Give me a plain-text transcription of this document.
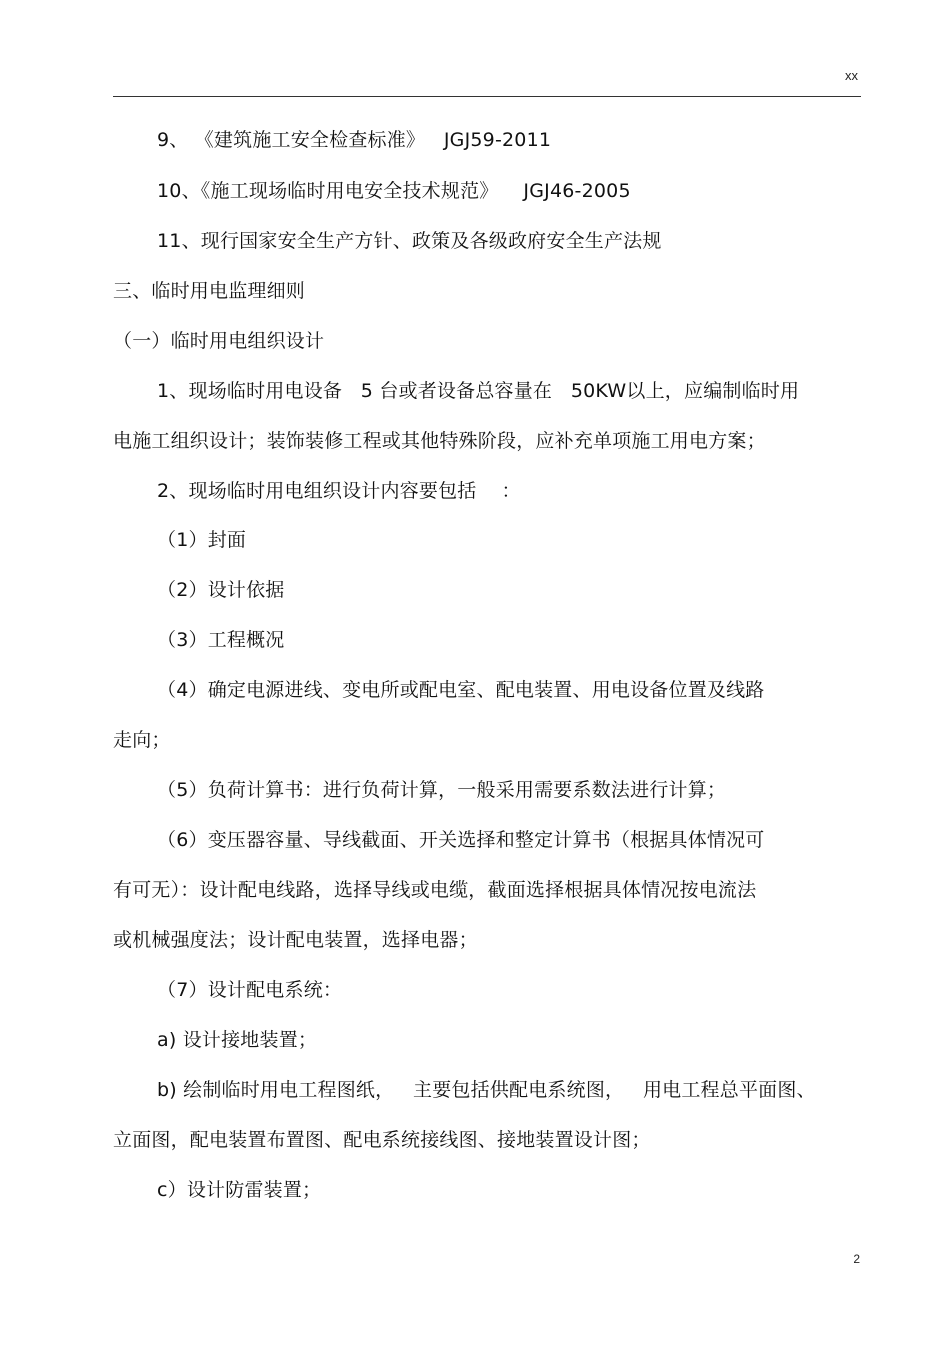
xx
9、 《建筑施工安全检查标准》   JGJ59-2011
10、《施工现场临时用电安全技术规范》    JGJ46-2005
11、现行国家安全生产方针、政策及各级政府安全生产法规
三、临时用电监理细则
（一）临时用电组织设计
1、现场临时用电设备   5 台或者设备总容量在   50KW以上，应编制临时用
电施工组织设计；装饰装修工程或其他特殊阶段，应补充单项施工用电方案；
2、现场临时用电组织设计内容要包括    ：
（1）封面
（2）设计依据
（3）工程概况
（4）确定电源进线、变电所或配电室、配电装置、用电设备位置及线路
走向；
（5）负荷计算书：进行负荷计算，一般采用需要系数法进行计算；
（6）变压器容量、导线截面、开关选择和整定计算书（根据具体情况可
有可无）：设计配电线路，选择导线或电缆，截面选择根据具体情况按电流法
或机械强度法；设计配电装置，选择电器；
（7）设计配电系统：
a) 设计接地装置；
b) 绘制临时用电工程图纸，   主要包括供配电系统图，   用电工程总平面图、
立面图，配电装置布置图、配电系统接线图、接地装置设计图；
c）设计防雷装置；
2
